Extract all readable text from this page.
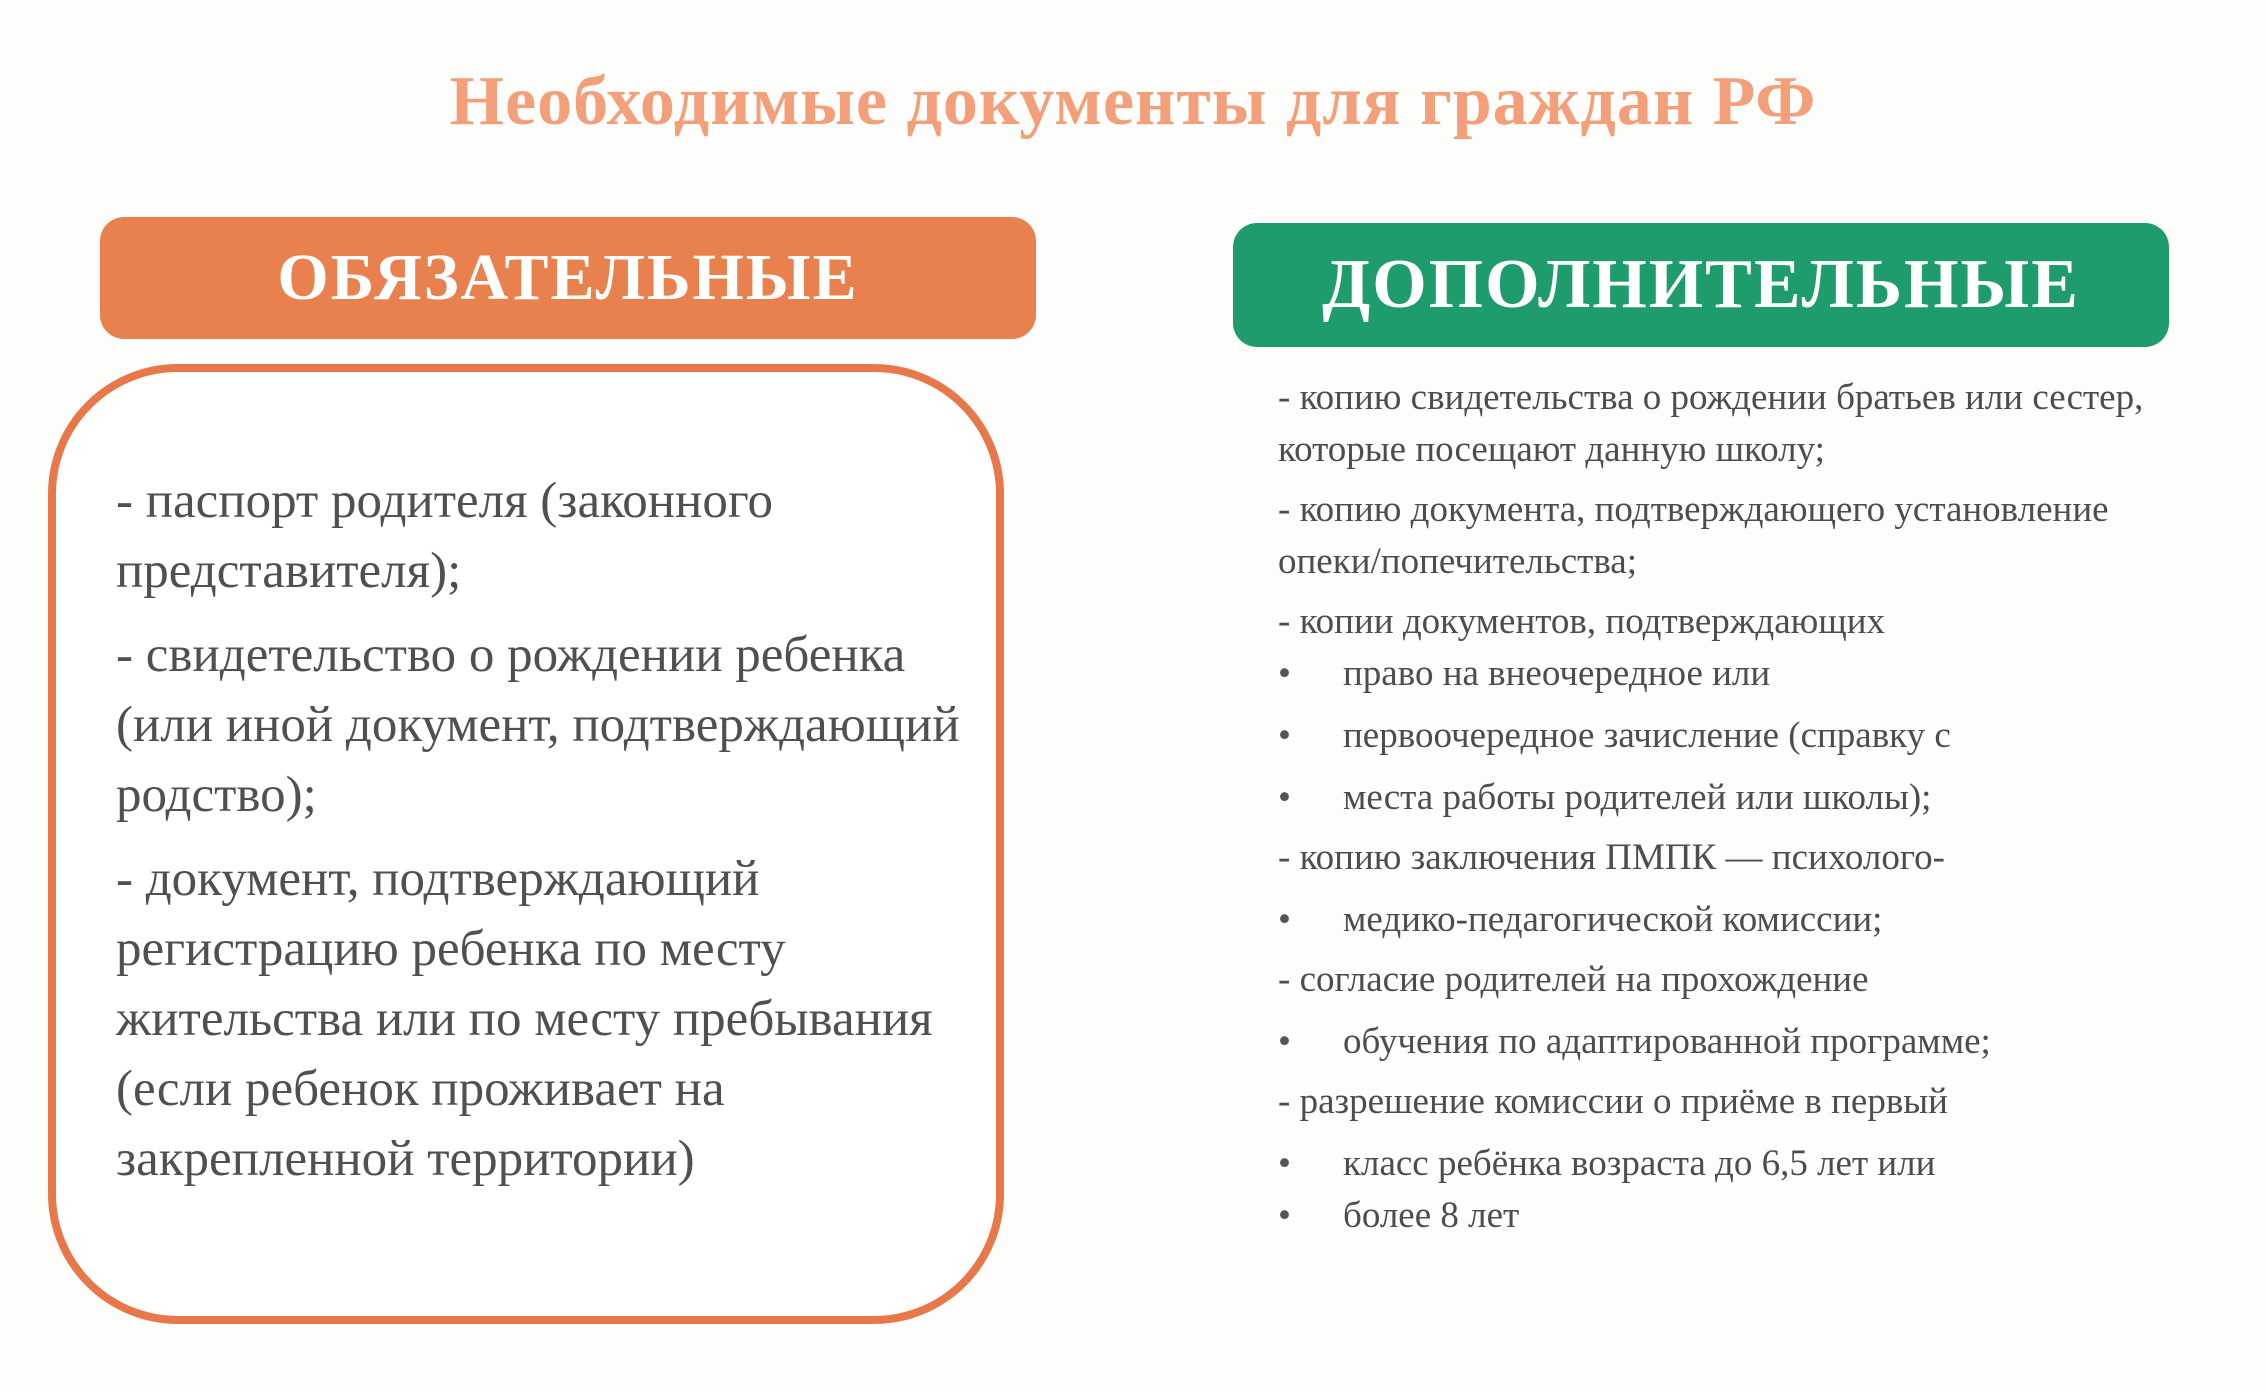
Необходимые документы для граждан РФ
ОБЯЗАТЕЛЬНЫЕ
- паспорт родителя (законного представителя);
- свидетельство о рождении ребенка (или иной документ, подтверждающий родство);
- документ, подтверждающий регистрацию ребенка по месту жительства или по месту пребывания (если ребенок проживает на закрепленной территории)
ДОПОЛНИТЕЛЬНЫЕ
- копию свидетельства о рождении братьев или сестер, которые посещают данную школу;
- копию документа, подтверждающего установление опеки/попечительства;
- копии документов, подтверждающих
• право на внеочередное или
• первоочередное зачисление (справку с
• места работы родителей или школы);
- копию заключения ПМПК — психолого-
• медико-педагогической комиссии;
- согласие родителей на прохождение
• обучения по адаптированной программе;
- разрешение комиссии о приёме в первый
• класс ребёнка возраста до 6,5 лет или
• более 8 лет
